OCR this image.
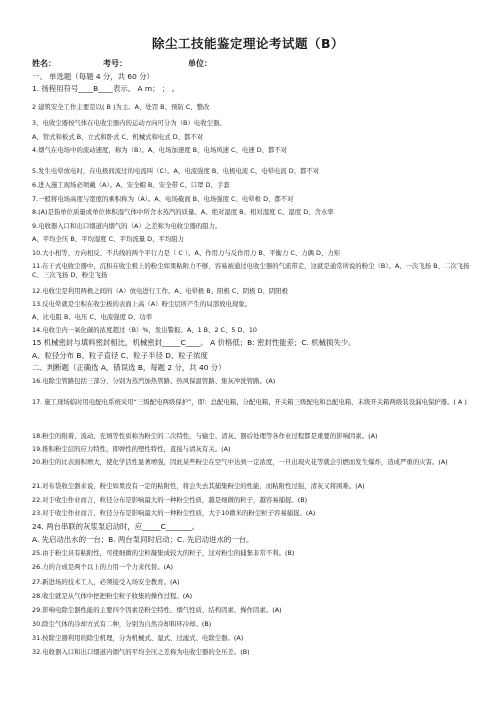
除尘工技能鉴定理论考试题（B）
姓名：	考号：	单位：
一、 单选题（每题 4 分，共 60 分）
1. 扬程用符号____B____表示。 A m； ； 。
2 建筑安全工作主要是以( B )为主。A、处罚 B、预防 C、整改
3、电收尘器按气体在电收尘器内的运动方向可分为（B）电收尘器。
A、管式和板式 B、立式和卧式 C、机械式和电式 D、都不对
4.烟气在电场中的流动速度，称为（B）。A、电场加速度 B、电场风速 C、电速 D、都不对
5.发生电晕放电时，在电极间流过的电流叫（C）。A、电流强度 B、电极电流 C、电晕电流 D、都不对
6.进入施工现场必须戴（A）。A、安全帽 B、安全带 C、口罩 D、手套
7.一般将电场高度与宽度的乘积称为（A）。A、电场截面 B、电场强度 C、电晕极 D、都不对
8.(A)是指单位质量或单位体积湿气体中所含水蒸汽的质量。A、绝对湿度 B、相对湿度 C、湿度 D、含水率
9.电收器入口和出口烟道内烟气的（A）之差称为电收尘器的阻力。
A、平均全压 B、平均湿度 C、平均流量 D、平均阻力
10.大小相等、方向相反、不共线的两个平行力是（ C ）。A、作用力与反作用力 B、平衡力 C、力偶 D、力矩
11.在干式电收尘器中，沉积在收尘极上的粉尘如果粘附力不够，容易被通过电收尘器的气流带走，这就是通常所说的粉尘（B）。A、一次飞扬 B、二次飞扬 C、三次飞扬 D、粉尘飞扬
12.电收尘是利用两极之间的（A）放电进行工作。A、电晕极 B、阳极 C、阴极 D、阴阳极
13.反电晕就是尘积在收尘极的表面上高（A）粉尘层所产生的局部放电现象。
A、比电阻 B、电压 C、电流强度 D、功率
14.电收尘内一氧化碳的浓度超过（B）%，发出警报。A、1 B、2 C、5 D、10
15 机械密封与填料密封相比，机械密封_____C____。 A 价格低；B: 密封性能差；C. 机械损失少。
A、粒径分布 B、粒子直径 C、粒子半径 D、粒子浓度
二、判断题（正确选 A，错误选 B，每题 2 分，共 40 分）
16.电除尘管路包括三部分，分别为蒸汽加热管路、热风保温管路、集灰冲洗管路。(A)
17. 施工现场临时用电配电系统采用“三级配电两级保护”，即：总配电箱、分配电箱、开关箱三级配电和总配电箱、末级开关箱两级装设漏电保护器。( A )
18.粉尘的附着、流动、充填等性质称为粉尘的二次特性，与输尘、清灰、器后处理等各作业过程都是重要的影响因素。(A)
19.推积粉尘层的应力特性，即弹性的塑性特性，直接与清灰有关。(A)
20.粉尘的比表面积增大，使化学活性显著增强，因此某些粉尘在空气中达到一定浓度，一旦出现火花等就会引燃而发生爆炸，造成严重的灾害。(A)
21.对布袋收尘器来说，粉尘如果没有一定的粘附性，将会失去其捕集粉尘的性能，而粘附性过强，清灰又将困难。(A)
22.对于收尘作业而言，粒径分布是影响最大的一种粉尘性质，越是细微的粒子，越容易捕捉。(B)
23.对于收尘作业而言，粒径分布是影响最大的一种粉尘性质，大于10微米的粉尘粒子容易捕捉。(A)
24. 两台串联的灰浆泵启动时，应_____C_______。
A. 先启动出水的一台；B. 两台泵同时启动；C. 先启动进水的一台。
25.由于粉尘具有粘附性，可使细微的尘粒凝集成较大的粒子，这对粉尘的捕集非常不利。(B)
26.力的合成是两个以上的力用一个力来代替。(A)
27.新进场的技术工人，必须接受入场安全教育。(A)
28.收尘就是从气体中把把粉尘粒子收集的操作过程。(A)
29.影响电除尘器性能的主要四个因素是粉尘特性、烟气性质、结构因素、操作因素。(A)
30.除尘气体的冷却方式有二种，分别为自然冷却和环冷却。(B)
31.按除尘器利用的除尘机理，分为机械式、湿式、过滤式、电除尘器。(A)
32.电收器入口和出口烟道内烟气的平均全压之差称为电收尘器的全压差。(B)
